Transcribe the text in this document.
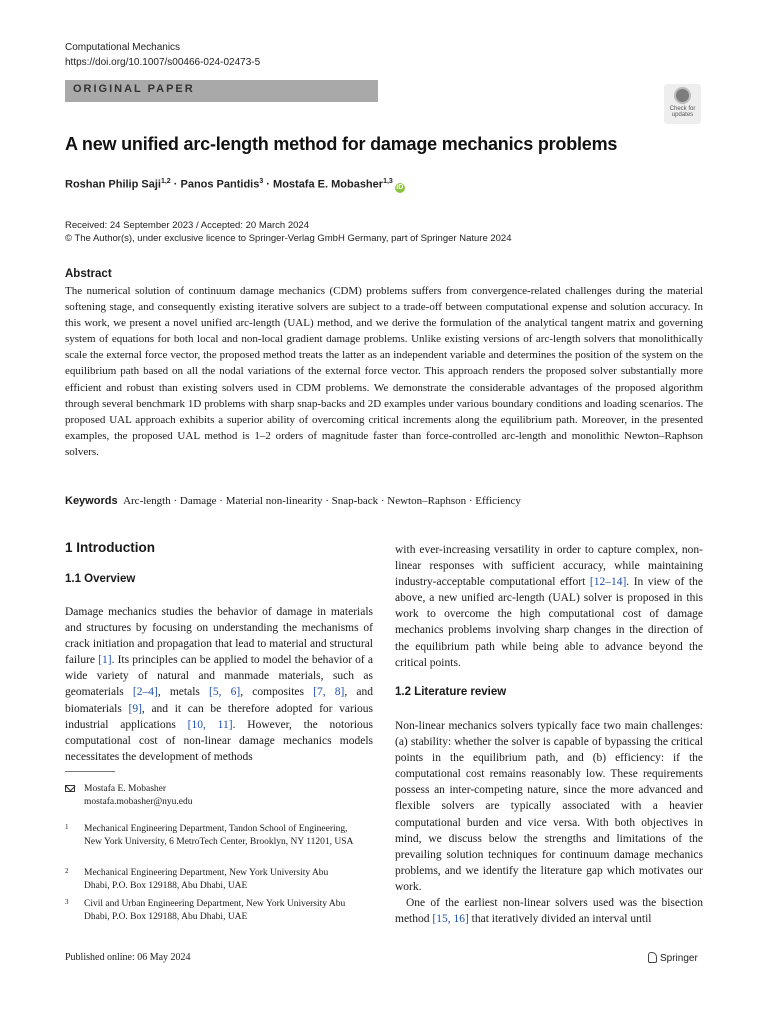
Computational Mechanics
https://doi.org/10.1007/s00466-024-02473-5
ORIGINAL PAPER
Check for updates
A new unified arc-length method for damage mechanics problems
Roshan Philip Saji$^{1,2}$ · Panos Pantidis$^3$ · Mostafa E. Mobasher$^{1,3}$iD
Received: 24 September 2023 / Accepted: 20 March 2024
© The Author(s), under exclusive licence to Springer-Verlag GmbH Germany, part of Springer Nature 2024
Abstract
The numerical solution of continuum damage mechanics (CDM) problems suffers from convergence-related challenges during the material softening stage, and consequently existing iterative solvers are subject to a trade-off between computational expense and solution accuracy. In this work, we present a novel unified arc-length (UAL) method, and we derive the formulation of the analytical tangent matrix and governing system of equations for both local and non-local gradient damage problems. Unlike existing versions of arc-length solvers that monolithically scale the external force vector, the proposed method treats the latter as an independent variable and determines the position of the system on the equilibrium path based on all the nodal variations of the external force vector. This approach renders the proposed solver substantially more efficient and robust than existing solvers used in CDM problems. We demonstrate the considerable advantages of the proposed algorithm through several benchmark 1D problems with sharp snap-backs and 2D examples under various boundary conditions and loading scenarios. The proposed UAL approach exhibits a superior ability of overcoming critical increments along the equilibrium path. Moreover, in the presented examples, the proposed UAL method is 1–2 orders of magnitude faster than force-controlled arc-length and monolithic Newton–Raphson solvers.
Keywords Arc-length · Damage · Material non-linearity · Snap-back · Newton–Raphson · Efficiency
1 Introduction
1.1 Overview

Damage mechanics studies the behavior of damage in materials and structures by focusing on understanding the mechanisms of crack initiation and propagation that lead to material and structural failure [1]. Its principles can be applied to model the behavior of a wide variety of natural and manmade materials, such as geomaterials [2–4], metals [5, 6], composites [7, 8], and biomaterials [9], and it can be therefore adopted for various industrial applications [10, 11]. However, the notorious computational cost of non-linear damage mechanics models necessitates the development of methods

Mostafa E. Mobasher
mostafa.mobasher@nyu.edu
1 Mechanical Engineering Department, Tandon School of Engineering, New York University, 6 MetroTech Center, Brooklyn, NY 11201, USA
2 Mechanical Engineering Department, New York University Abu Dhabi, P.O. Box 129188, Abu Dhabi, UAE
3 Civil and Urban Engineering Department, New York University Abu Dhabi, P.O. Box 129188, Abu Dhabi, UAE

with ever-increasing versatility in order to capture complex, non-linear responses with sufficient accuracy, while maintaining industry-acceptable computational effort [12–14]. In view of the above, a new unified arc-length (UAL) solver is proposed in this work to overcome the high computational cost of damage mechanics problems involving sharp changes in the direction of the equilibrium path while being able to advance beyond the critical points.

1.2 Literature review

Non-linear mechanics solvers typically face two main challenges: (a) stability: whether the solver is capable of bypassing the critical points in the equilibrium path, and (b) efficiency: if the computational cost remains reasonably low. These requirements possess an inter-competing nature, since the more advanced and flexible solvers are typically associated with a heavier computational burden and vice versa. With both objectives in mind, we discuss below the strengths and limitations of the prevailing solution techniques for continuum damage mechanics problems, and we identify the literature gap which motivates our work.

One of the earliest non-linear solvers used was the bisection method [15, 16] that iteratively divided an interval until

Published online: 06 May 2024	Springer
